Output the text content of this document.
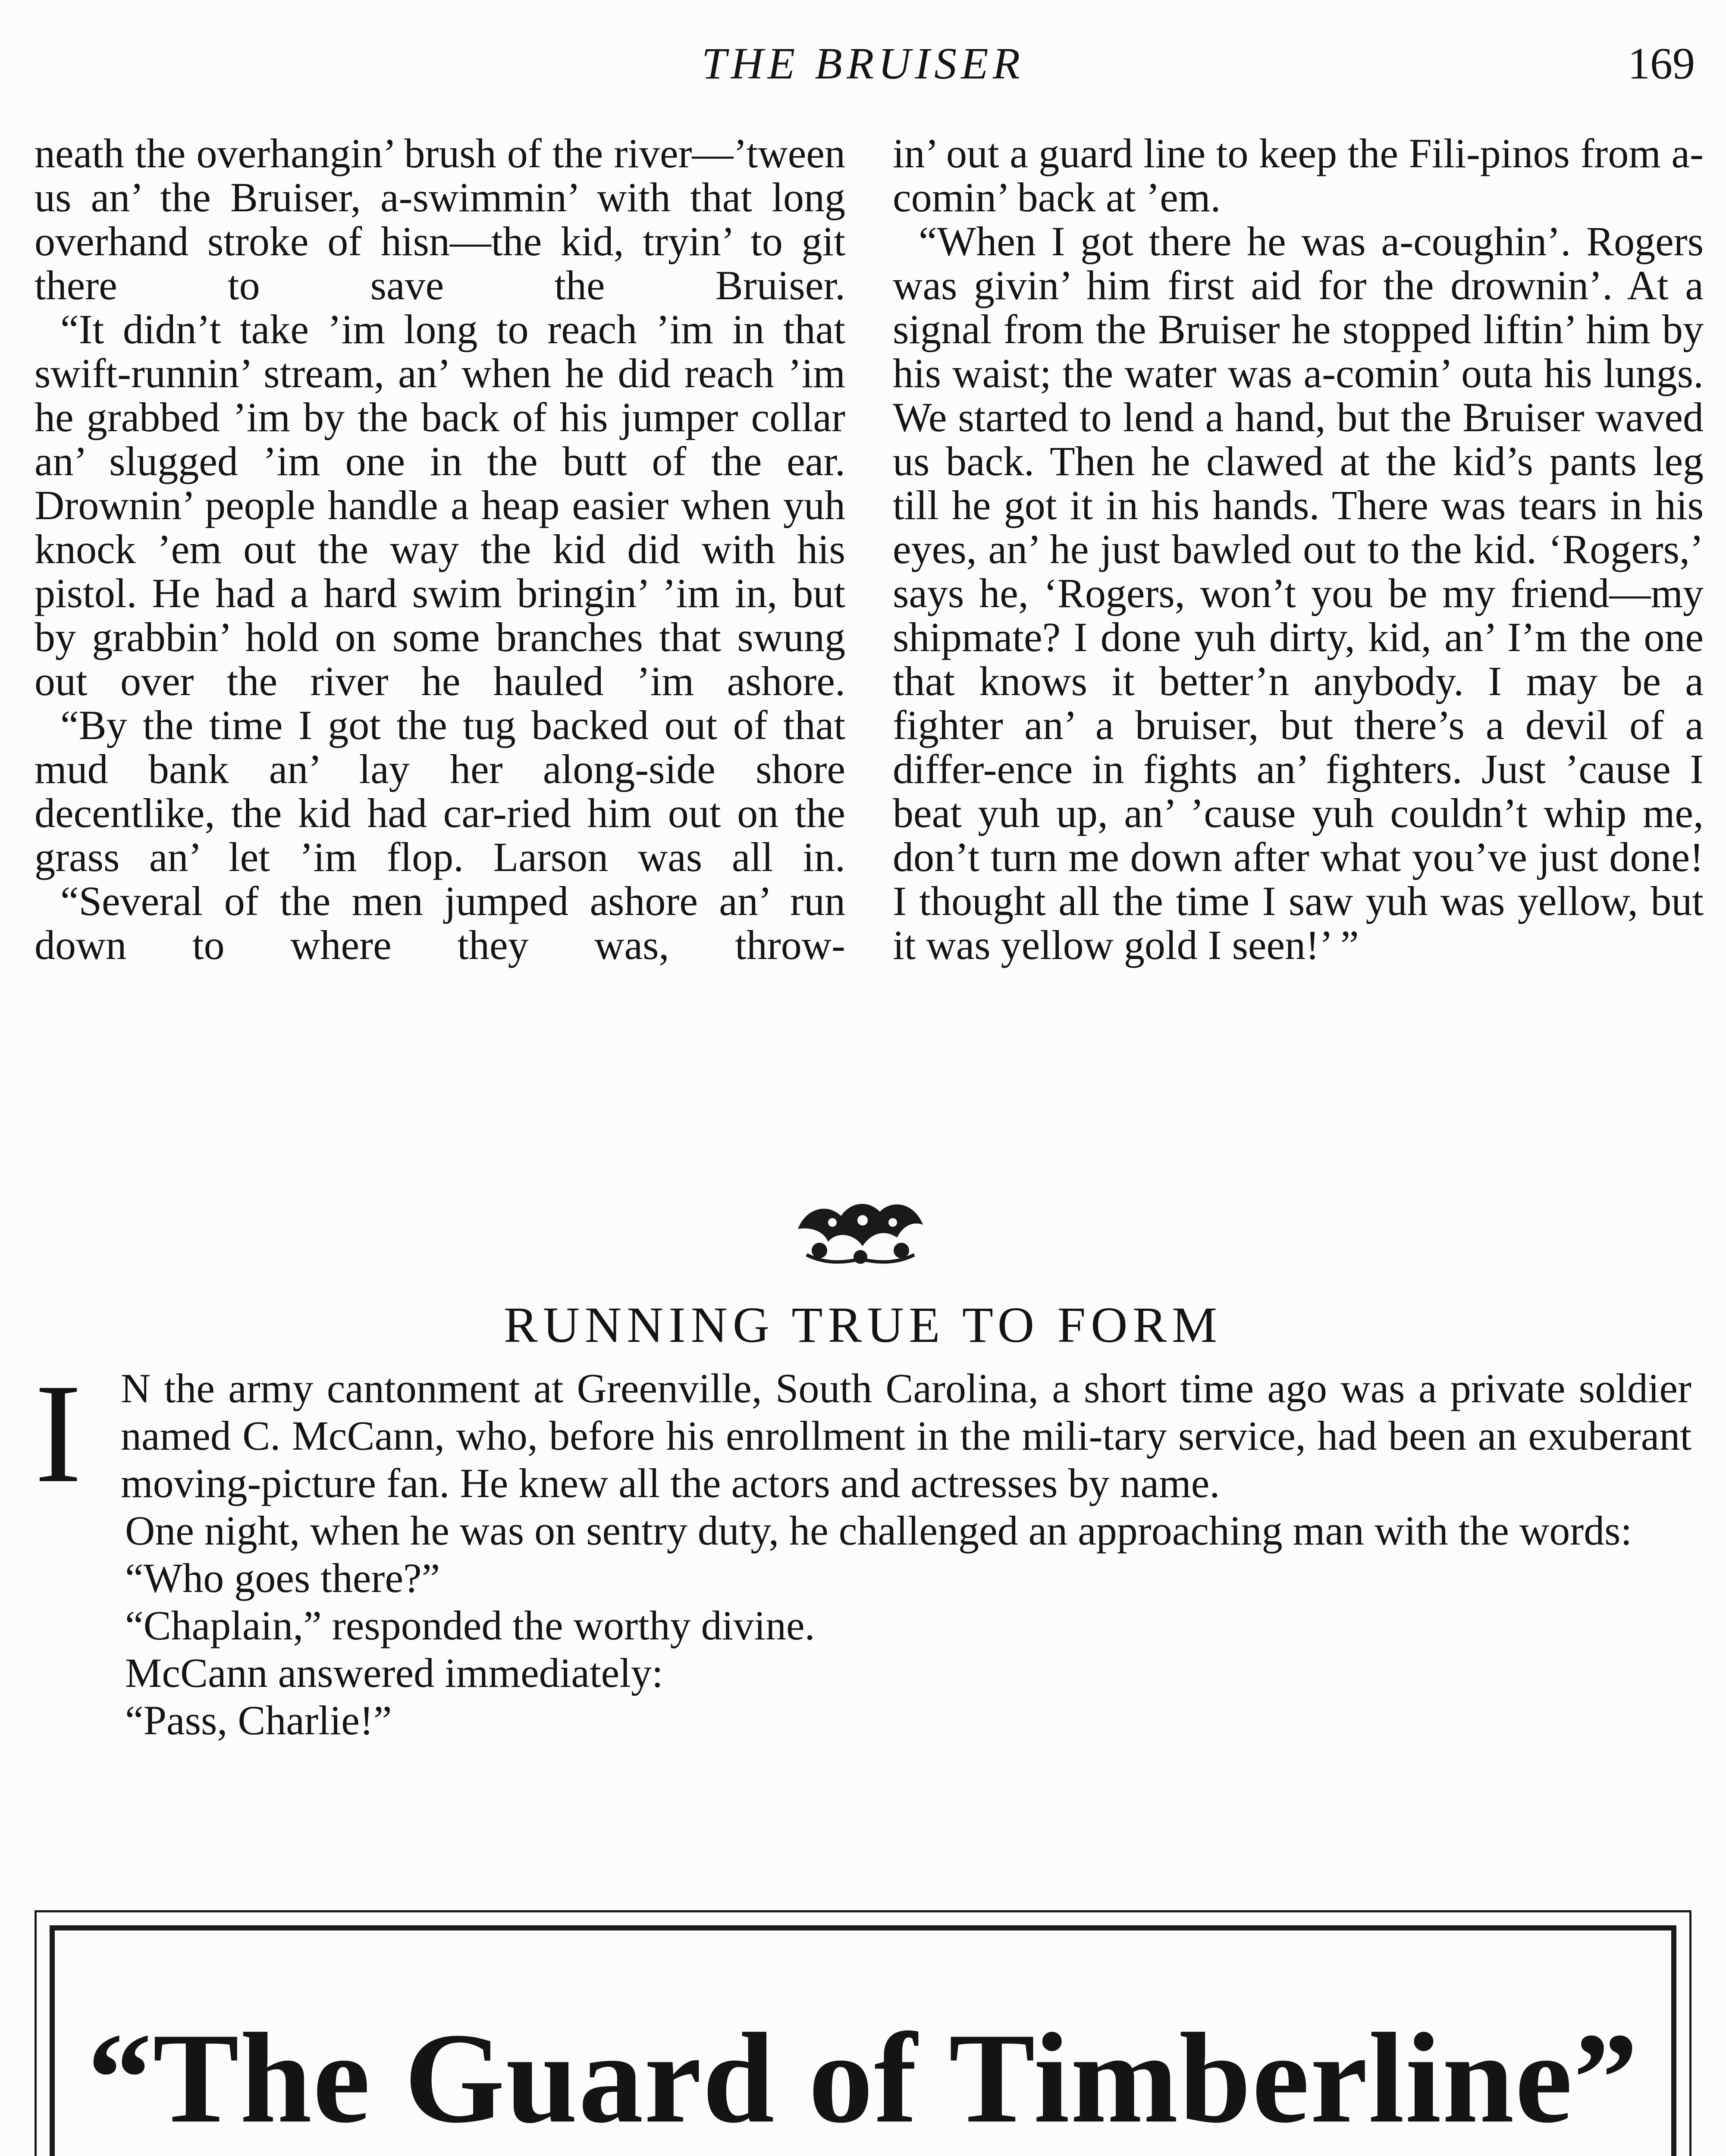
THE BRUISER	169

neath the overhangin’ brush of the river—’tween us an’ the Bruiser, a-swimmin’ with that long overhand stroke of hisn—the kid, tryin’ to git there to save the Bruiser.

“It didn’t take ’im long to reach ’im in that swift-runnin’ stream, an’ when he did reach ’im he grabbed ’im by the back of his jumper collar an’ slugged ’im one in the butt of the ear. Drownin’ people handle a heap easier when yuh knock ’em out the way the kid did with his pistol. He had a hard swim bringin’ ’im in, but by grabbin’ hold on some branches that swung out over the river he hauled ’im ashore.

“By the time I got the tug backed out of that mud bank an’ lay her along-side shore decentlike, the kid had car-ried him out on the grass an’ let ’im flop. Larson was all in.

“Several of the men jumped ashore an’ run down to where they was, throw-

in’ out a guard line to keep the Fili-pinos from a-comin’ back at ’em.

“When I got there he was a-coughin’. Rogers was givin’ him first aid for the drownin’. At a signal from the Bruiser he stopped liftin’ him by his waist; the water was a-comin’ outa his lungs. We started to lend a hand, but the Bruiser waved us back. Then he clawed at the kid’s pants leg till he got it in his hands. There was tears in his eyes, an’ he just bawled out to the kid. ‘Rogers,’ says he, ‘Rogers, won’t you be my friend—my shipmate? I done yuh dirty, kid, an’ I’m the one that knows it better’n anybody. I may be a fighter an’ a bruiser, but there’s a devil of a differ-ence in fights an’ fighters. Just ’cause I beat yuh up, an’ ’cause yuh couldn’t whip me, don’t turn me down after what you’ve just done! I thought all the time I saw yuh was yellow, but it was yellow gold I seen!’ ”

RUNNING TRUE TO FORM
I N the army cantonment at Greenville, South Carolina, a short time ago was a private soldier named C. McCann, who, before his enrollment in the mili-tary service, had been an exuberant moving-picture fan. He knew all the actors and actresses by name.

One night, when he was on sentry duty, he challenged an approaching man with the words:

“Who goes there?”

“Chaplain,” responded the worthy divine.

McCann answered immediately:

“Pass, Charlie!”

“The Guard of Timberline”
